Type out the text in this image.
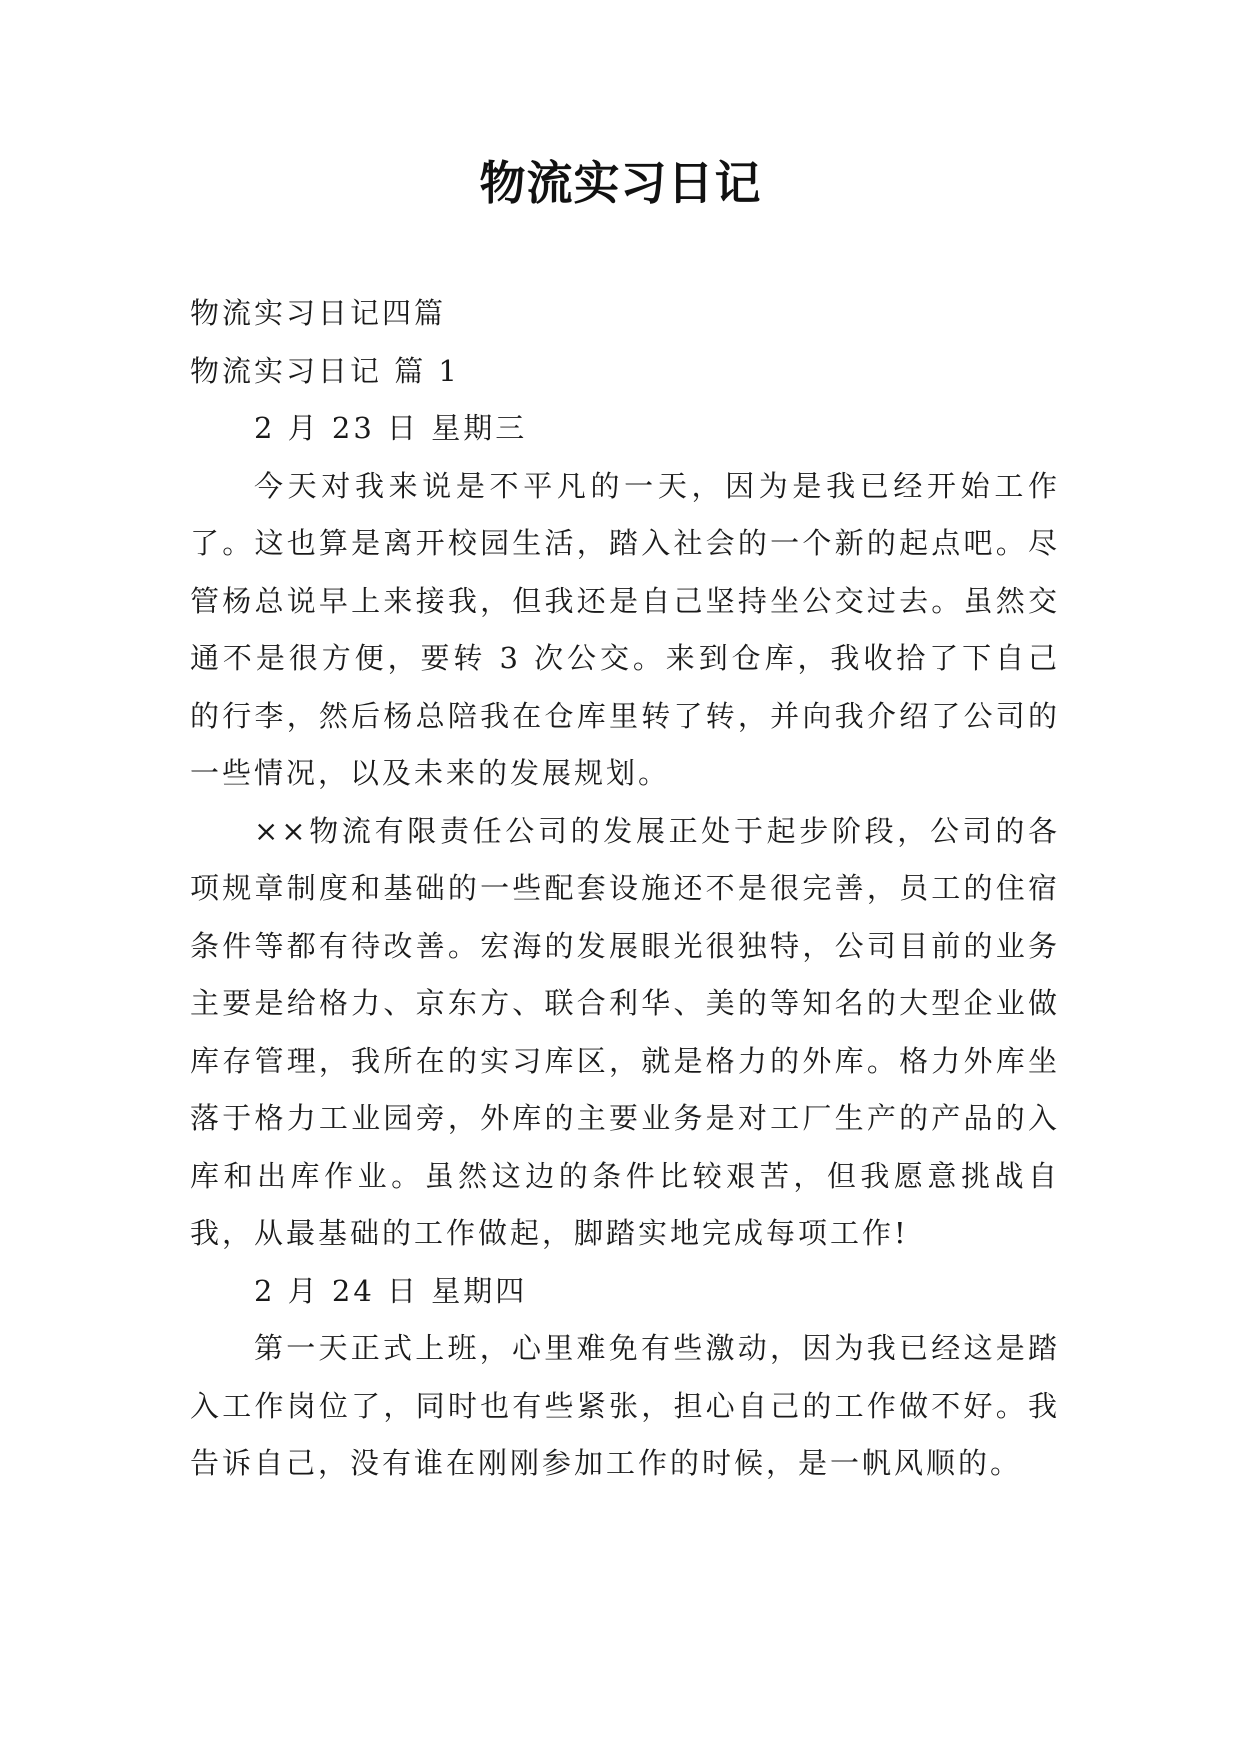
物流实习日记
物流实习日记四篇
物流实习日记 篇 1
2 月 23 日 星期三
今天对我来说是不平凡的一天，因为是我已经开始工作了。这也算是离开校园生活，踏入社会的一个新的起点吧。尽管杨总说早上来接我，但我还是自己坚持坐公交过去。虽然交通不是很方便，要转 3 次公交。来到仓库，我收拾了下自己的行李，然后杨总陪我在仓库里转了转，并向我介绍了公司的一些情况，以及未来的发展规划。
××物流有限责任公司的发展正处于起步阶段，公司的各项规章制度和基础的一些配套设施还不是很完善，员工的住宿条件等都有待改善。宏海的发展眼光很独特，公司目前的业务主要是给格力、京东方、联合利华、美的等知名的大型企业做库存管理，我所在的实习库区，就是格力的外库。格力外库坐落于格力工业园旁，外库的主要业务是对工厂生产的产品的入库和出库作业。虽然这边的条件比较艰苦，但我愿意挑战自我，从最基础的工作做起，脚踏实地完成每项工作!
2 月 24 日 星期四
第一天正式上班，心里难免有些激动，因为我已经这是踏入工作岗位了，同时也有些紧张，担心自己的工作做不好。我告诉自己，没有谁在刚刚参加工作的时候，是一帆风顺的。
